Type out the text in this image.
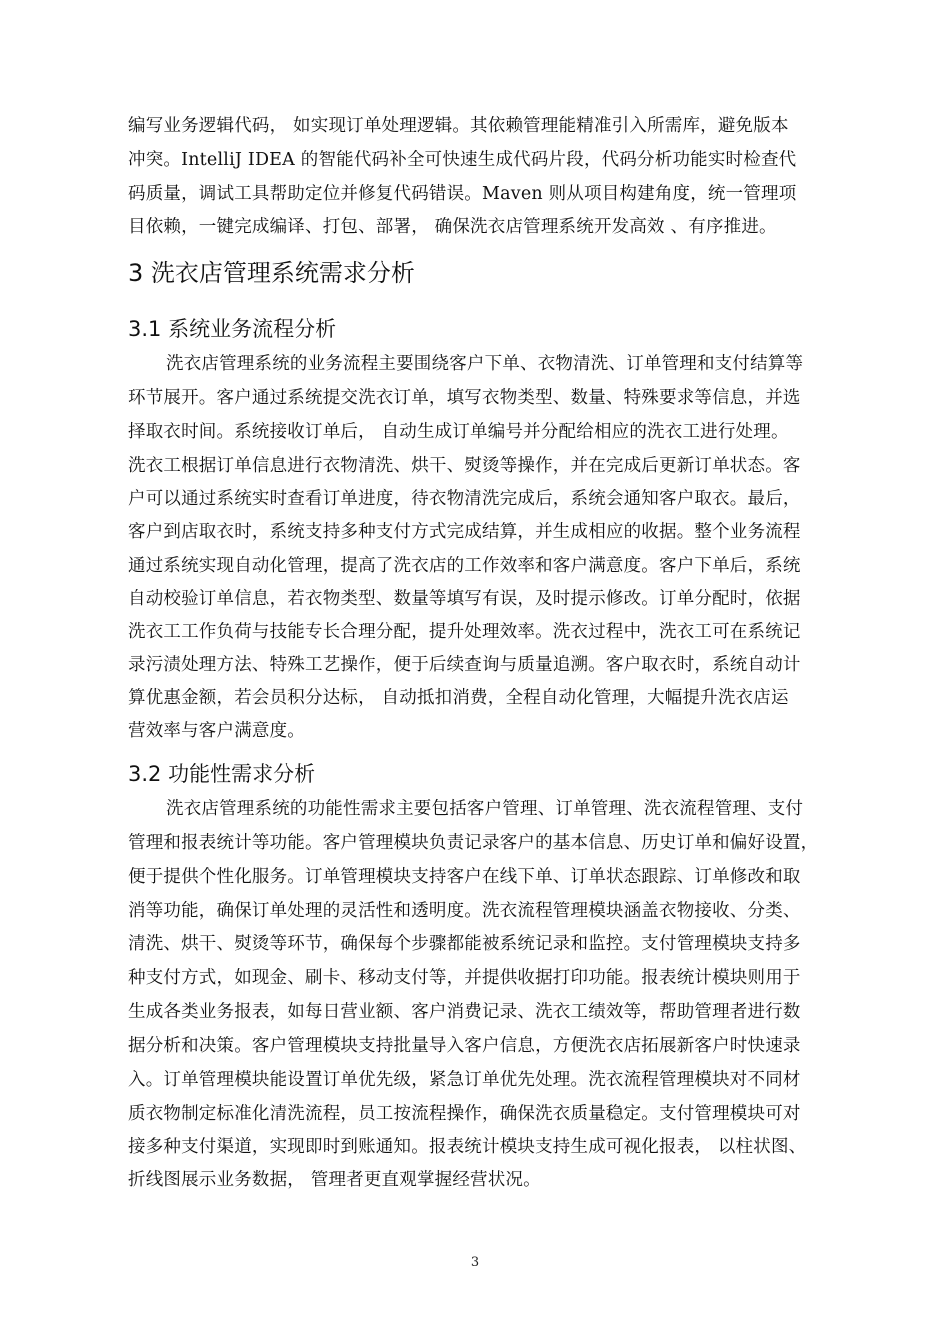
编写业务逻辑代码， 如实现订单处理逻辑。其依赖管理能精准引入所需库，避免版本
冲突。IntelliJ IDEA 的智能代码补全可快速生成代码片段，代码分析功能实时检查代
码质量，调试工具帮助定位并修复代码错误。Maven 则从项目构建角度，统一管理项
目依赖，一键完成编译、打包、部署， 确保洗衣店管理系统开发高效 、有序推进。
3 洗衣店管理系统需求分析
3.1 系统业务流程分析
洗衣店管理系统的业务流程主要围绕客户下单、衣物清洗、订单管理和支付结算等
环节展开。客户通过系统提交洗衣订单，填写衣物类型、数量、特殊要求等信息，并选
择取衣时间。系统接收订单后， 自动生成订单编号并分配给相应的洗衣工进行处理。
洗衣工根据订单信息进行衣物清洗、烘干、熨烫等操作，并在完成后更新订单状态。客
户可以通过系统实时查看订单进度，待衣物清洗完成后，系统会通知客户取衣。最后，
客户到店取衣时，系统支持多种支付方式完成结算，并生成相应的收据。整个业务流程
通过系统实现自动化管理，提高了洗衣店的工作效率和客户满意度。客户下单后，系统
自动校验订单信息，若衣物类型、数量等填写有误，及时提示修改。订单分配时，依据
洗衣工工作负荷与技能专长合理分配，提升处理效率。洗衣过程中，洗衣工可在系统记
录污渍处理方法、特殊工艺操作，便于后续查询与质量追溯。客户取衣时，系统自动计
算优惠金额，若会员积分达标， 自动抵扣消费，全程自动化管理，大幅提升洗衣店运
营效率与客户满意度。
3.2 功能性需求分析
洗衣店管理系统的功能性需求主要包括客户管理、订单管理、洗衣流程管理、支付
管理和报表统计等功能。客户管理模块负责记录客户的基本信息、历史订单和偏好设置，
便于提供个性化服务。订单管理模块支持客户在线下单、订单状态跟踪、订单修改和取
消等功能，确保订单处理的灵活性和透明度。洗衣流程管理模块涵盖衣物接收、分类、
清洗、烘干、熨烫等环节，确保每个步骤都能被系统记录和监控。支付管理模块支持多
种支付方式，如现金、刷卡、移动支付等，并提供收据打印功能。报表统计模块则用于
生成各类业务报表，如每日营业额、客户消费记录、洗衣工绩效等，帮助管理者进行数
据分析和决策。客户管理模块支持批量导入客户信息，方便洗衣店拓展新客户时快速录
入。订单管理模块能设置订单优先级，紧急订单优先处理。洗衣流程管理模块对不同材
质衣物制定标准化清洗流程，员工按流程操作，确保洗衣质量稳定。支付管理模块可对
接多种支付渠道，实现即时到账通知。报表统计模块支持生成可视化报表， 以柱状图、
折线图展示业务数据， 管理者更直观掌握经营状况。
3
